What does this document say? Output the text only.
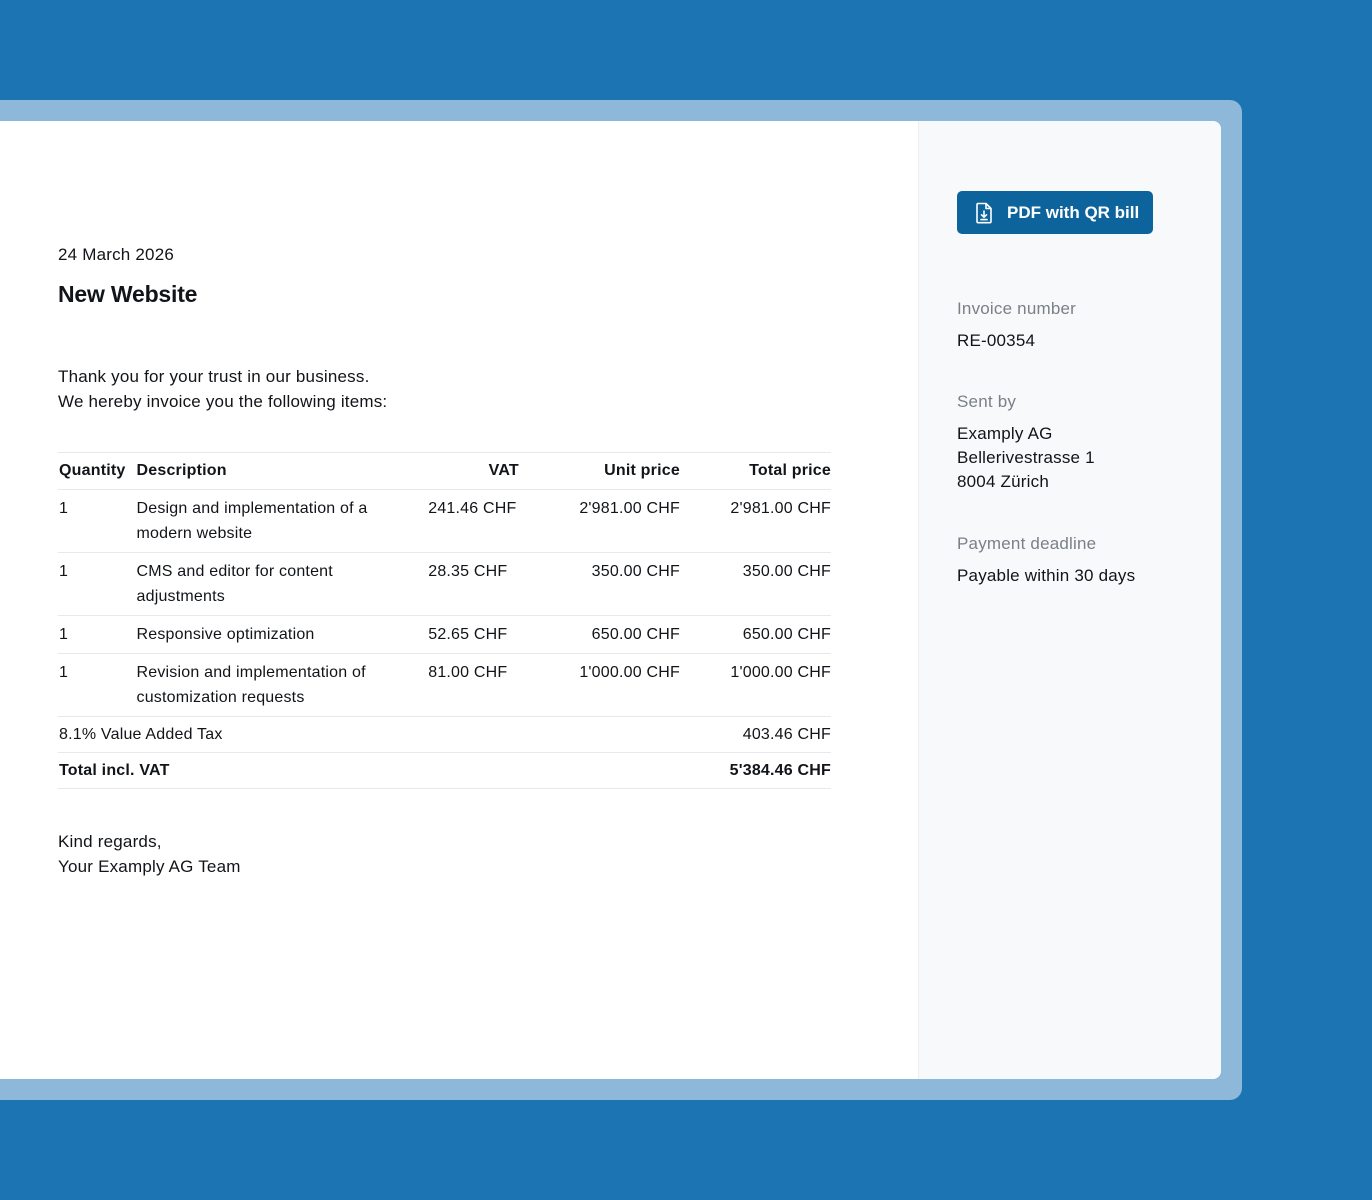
24 March 2026
New Website
Thank you for your trust in our business.
We hereby invoice you the following items:
Quantity	Description	VAT	Unit price	Total price
1	Design and implementation of a
modern website	241.46 CHF	2'981.00 CHF	2'981.00 CHF
1	CMS and editor for content
adjustments	28.35 CHF	350.00 CHF	350.00 CHF
1	Responsive optimization	52.65 CHF	650.00 CHF	650.00 CHF
1	Revision and implementation of
customization requests	81.00 CHF	1'000.00 CHF	1'000.00 CHF
8.1% Value Added Tax				403.46 CHF
Total incl. VAT				5'384.46 CHF
Kind regards,
Your Examply AG Team
PDF with QR bill
Invoice number
RE-00354
Sent by
Examply AG
Bellerivestrasse 1
8004 Zürich
Payment deadline
Payable within 30 days
